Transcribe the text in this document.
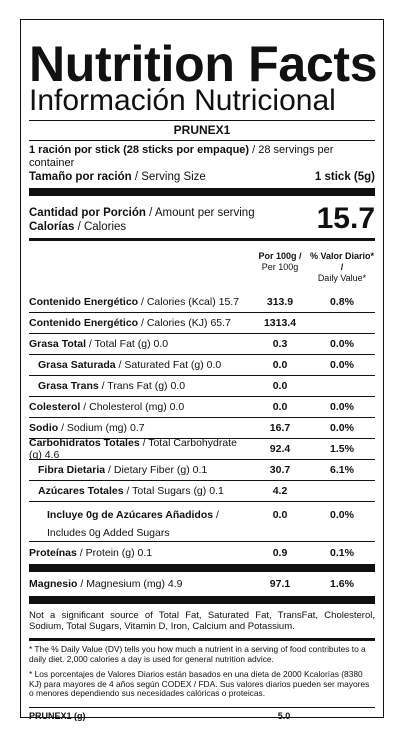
Nutrition Facts
Información Nutricional
PRUNEX1
1 ración por stick (28 sticks por empaque) / 28 servings per container
Tamaño por ración / Serving Size	1 stick (5g)
Cantidad por Porción / Amount per serving
Calorías / Calories	15.7
Por 100g /
Per 100g
% Valor Diario* /
Daily Value*
Contenido Energético / Calories (Kcal) 15.7	313.9	0.8%
Contenido Energético / Calories (KJ) 65.7	1313.4
Grasa Total / Total Fat (g) 0.0	0.3	0.0%
Grasa Saturada / Saturated Fat (g) 0.0	0.0	0.0%
Grasa Trans / Trans Fat (g) 0.0	0.0
Colesterol / Cholesterol (mg) 0.0	0.0	0.0%
Sodio / Sodium (mg) 0.7	16.7	0.0%
Carbohidratos Totales / Total Carbohydrate (g) 4.6	92.4	1.5%
Fibra Dietaria / Dietary Fiber (g) 0.1	30.7	6.1%
Azúcares Totales / Total Sugars (g) 0.1	4.2
Incluye 0g de Azúcares Añadidos /
Includes 0g Added Sugars
0.0	0.0%
Proteínas / Protein (g) 0.1	0.9	0.1%
Magnesio / Magnesium (mg) 4.9	97.1	1.6%
Not a significant source of Total Fat, Saturated Fat, TransFat, Cholesterol, Sodium, Total Sugars, Vitamin D, Iron, Calcium and Potassium.

* The % Daily Value (DV) tells you how much a nutrient in a serving of food contributes to a daily diet. 2,000 calories a day is used for general nutrition advice.

* Los porcentajes de Valores Diarios están basados en una dieta de 2000 Kcalorías (8380 KJ) para mayores de 4 años según CODEX / FDA. Sus valores diarios pueden ser mayores o menores dependiendo sus necesidades calóricas o proteicas.

PRUNEX1 (g)	5.0
